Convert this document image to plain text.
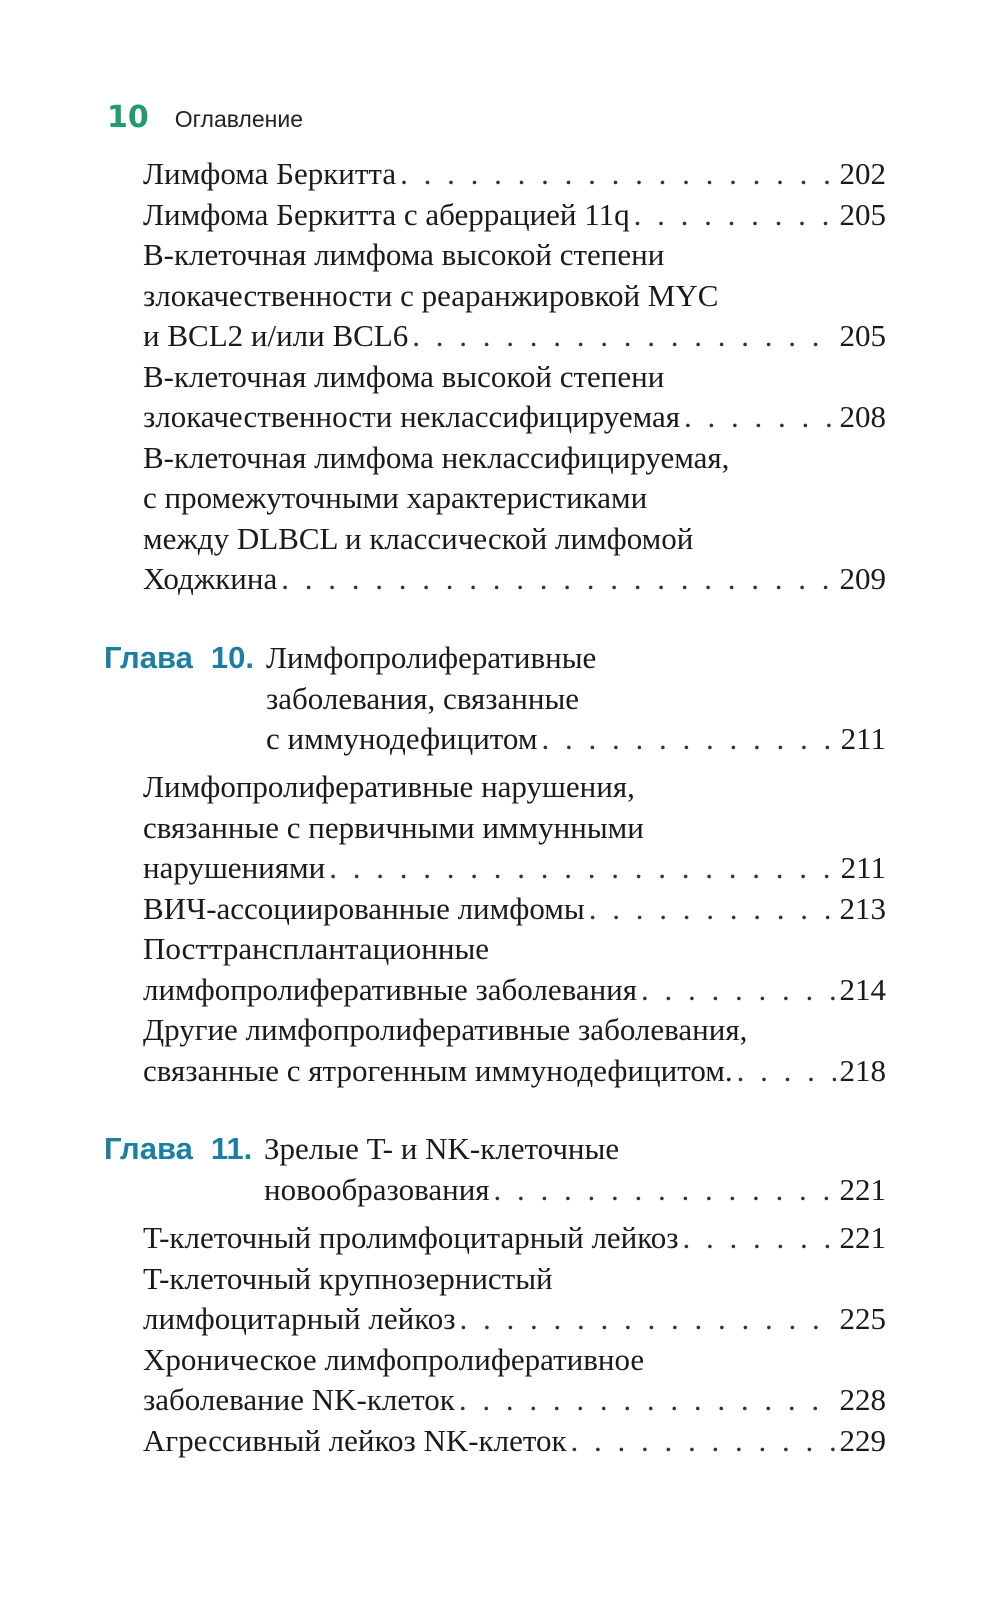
10 Оглавление
Лимфома Беркитта . . .	202
Лимфома Беркитта с аберрацией 11q . . .	205
B-клеточная лимфома высокой степени
злокачественности с реаранжировкой MYC
и BCL2 и/или BCL6 . . .	205
B-клеточная лимфома высокой степени
злокачественности неклассифицируемая . . .	208
B-клеточная лимфома неклассифицируемая,
с промежуточными характеристиками
между DLBCL и классической лимфомой
Ходжкина . . .	209
Глава 10. Лимфопролиферативные
заболевания, связанные
с иммунодефицитом . . .	211
Лимфопролиферативные нарушения,
связанные с первичными иммунными
нарушениями . . .	211
ВИЧ-ассоциированные лимфомы . . .	213
Посттрансплантационные
лимфопролиферативные заболевания . . .	214
Другие лимфопролиферативные заболевания,
связанные с ятрогенным иммунодефицитом. . . .	218
Глава 11. Зрелые T- и NK-клеточные
новообразования . . .	221
T-клеточный пролимфоцитарный лейкоз . . .	221
T-клеточный крупнозернистый
лимфоцитарный лейкоз . . .	225
Хроническое лимфопролиферативное
заболевание NK-клеток . . .	228
Агрессивный лейкоз NK-клеток . . .	229
